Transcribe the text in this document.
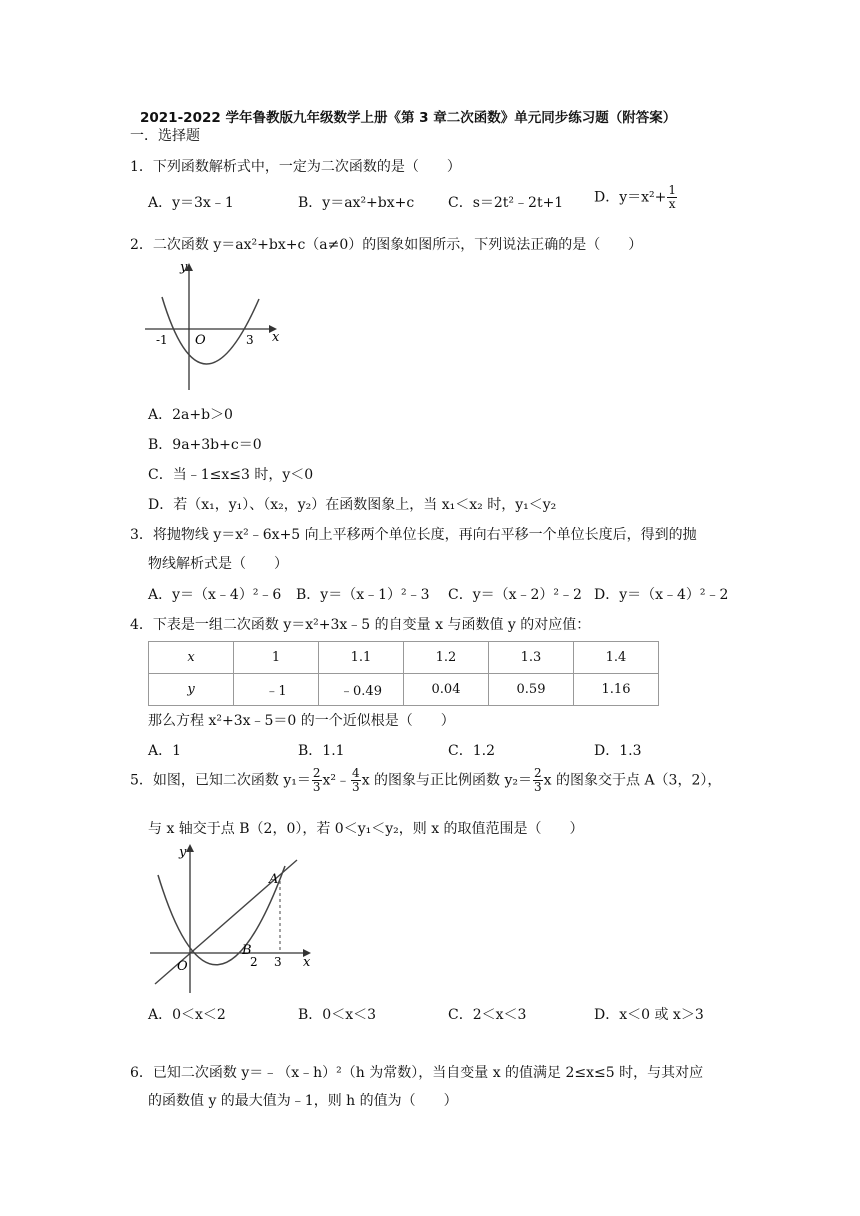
2021-2022 学年鲁教版九年级数学上册《第 3 章二次函数》单元同步练习题（附答案）
一．选择题
1．下列函数解析式中，一定为二次函数的是（　　）
A．y＝3x﹣1	B．y＝ax²+bx+c C．s＝2t²﹣2t+1 D．$y=x^2+ \frac{1}{x}$
2．二次函数 y＝ax²+bx+c（a≠0）的图象如图所示，下列说法正确的是（　　）
y
x
O
-1	3
A．2a+b＞0
B．9a+3b+c＝0
C．当﹣1≤x≤3 时，y＜0
D．若（x₁，y₁）、（x₂，y₂）在函数图象上，当 x₁＜x₂ 时，y₁＜y₂
3．将抛物线 y＝x²﹣6x+5 向上平移两个单位长度，再向右平移一个单位长度后，得到的抛
物线解析式是（　　）
A．y＝（x﹣4）²﹣6 B．y＝（x﹣1）²﹣3 C．y＝（x﹣2）²﹣2 D．y＝（x﹣4）²﹣2
4．下表是一组二次函数 y＝x²+3x﹣5 的自变量 x 与函数值 y 的对应值：
x	1	1.1	1.2	1.3	1.4
y	﹣1	﹣0.49	0.04	0.59	1.16
那么方程 x²+3x﹣5＝0 的一个近似根是（　　）
A．1	B．1.1	C．1.2	D．1.3
5．如图，已知二次函数 $y_1= \frac{2}{3}$ x²﹣ $\frac{4}{3}$ x 的图象与正比例函数 $y_2= \frac{2}{3}$ x 的图象交于点 A（3，2），
与 x 轴交于点 B（2，0），若 0＜y₁＜y₂，则 x 的取值范围是（　　）
y
x
O
A
B
2 3
A．0＜x＜2	B．0＜x＜3	C．2＜x＜3	D．x＜0 或 x＞3
6．已知二次函数 y＝﹣（x﹣h）²（h 为常数），当自变量 x 的值满足 2≤x≤5 时，与其对应
的函数值 y 的最大值为﹣1，则 h 的值为（　　）
